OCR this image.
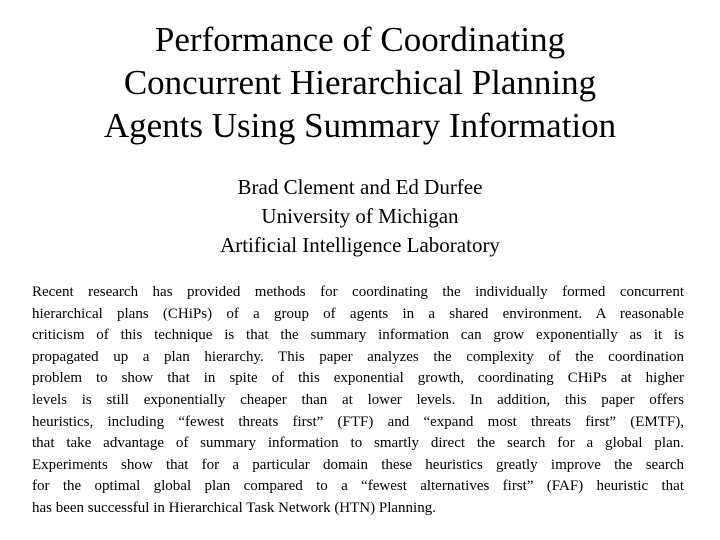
Performance of Coordinating
Concurrent Hierarchical Planning
Agents Using Summary Information
Brad Clement and Ed Durfee
University of Michigan
Artificial Intelligence Laboratory
Recent research has provided methods for coordinating the individually formed concurrent
hierarchical plans (CHiPs) of a group of agents in a shared environment. A reasonable
criticism of this technique is that the summary information can grow exponentially as it is
propagated up a plan hierarchy. This paper analyzes the complexity of the coordination
problem to show that in spite of this exponential growth, coordinating CHiPs at higher
levels is still exponentially cheaper than at lower levels. In addition, this paper offers
heuristics, including “fewest threats first” (FTF) and “expand most threats first” (EMTF),
that take advantage of summary information to smartly direct the search for a global plan.
Experiments show that for a particular domain these heuristics greatly improve the search
for the optimal global plan compared to a “fewest alternatives first” (FAF) heuristic that
has been successful in Hierarchical Task Network (HTN) Planning.
